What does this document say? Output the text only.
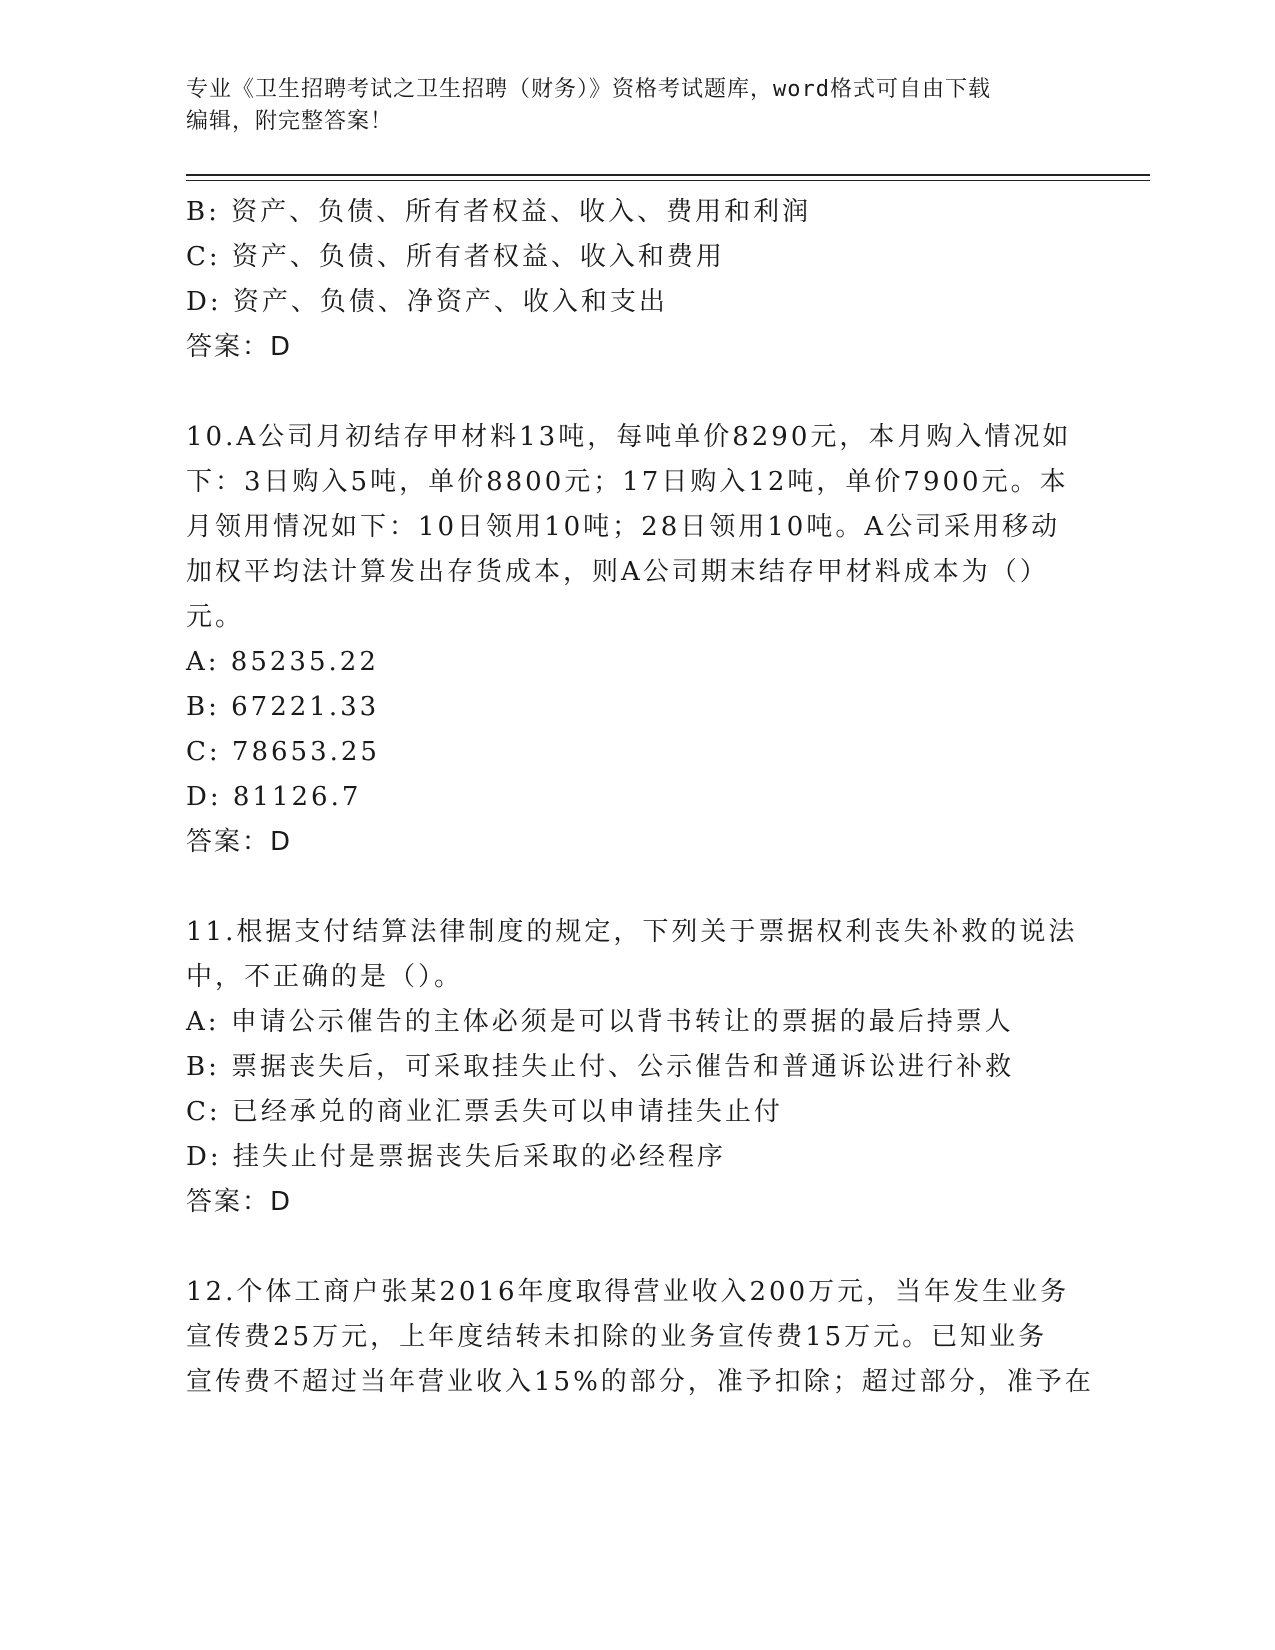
专业《卫生招聘考试之卫生招聘（财务）》资格考试题库，word格式可自由下载
编辑，附完整答案！
B: 资产、负债、所有者权益、收入、费用和利润
C: 资产、负债、所有者权益、收入和费用
D: 资产、负债、净资产、收入和支出
答案：D
10.A公司月初结存甲材料13吨，每吨单价8290元，本月购入情况如
下：3日购入5吨，单价8800元；17日购入12吨，单价7900元。本
月领用情况如下：10日领用10吨；28日领用10吨。A公司采用移动
加权平均法计算发出存货成本，则A公司期末结存甲材料成本为（）
元。
A: 85235.22
B: 67221.33
C: 78653.25
D: 81126.7
答案：D
11.根据支付结算法律制度的规定，下列关于票据权利丧失补救的说法
中，不正确的是（）。
A: 申请公示催告的主体必须是可以背书转让的票据的最后持票人
B: 票据丧失后，可采取挂失止付、公示催告和普通诉讼进行补救
C: 已经承兑的商业汇票丢失可以申请挂失止付
D: 挂失止付是票据丧失后采取的必经程序
答案：D
12.个体工商户张某2016年度取得营业收入200万元，当年发生业务
宣传费25万元，上年度结转未扣除的业务宣传费15万元。已知业务
宣传费不超过当年营业收入15%的部分，准予扣除；超过部分，准予在
